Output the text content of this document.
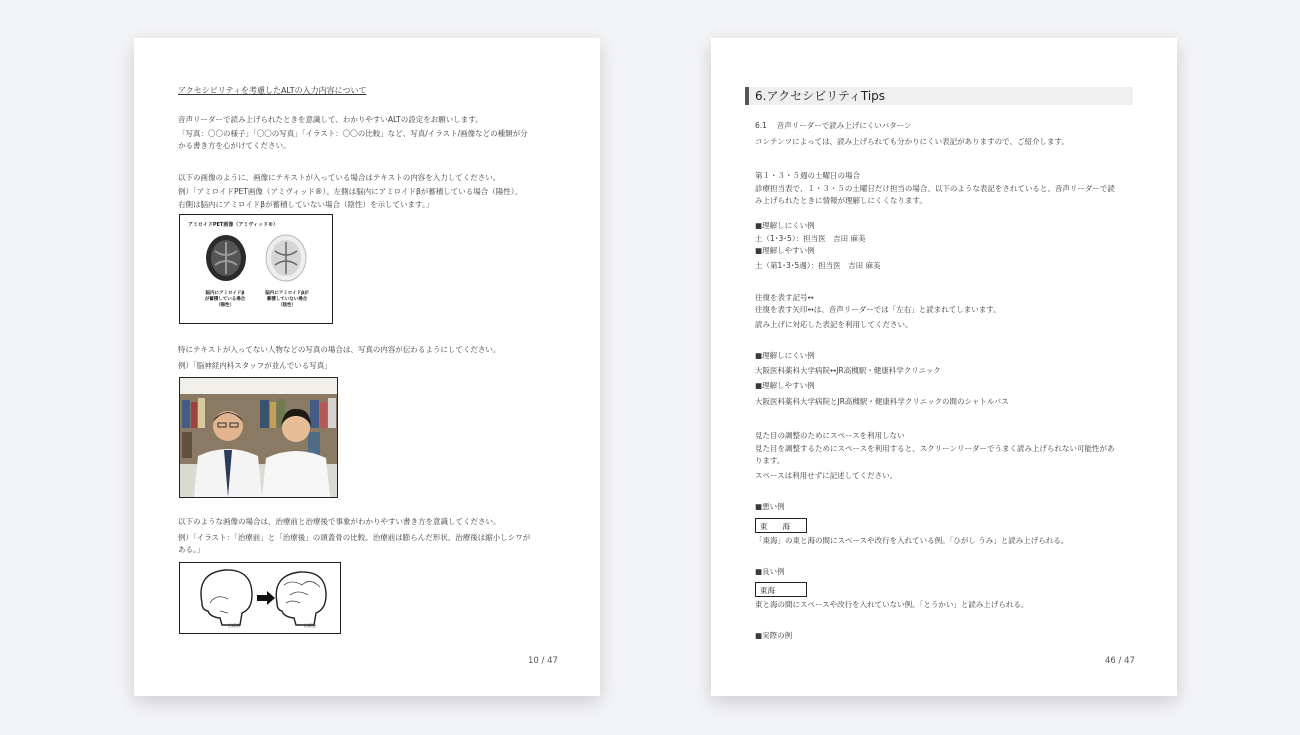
アクセシビリティを考慮したALTの入力内容について
音声リーダーで読み上げられたときを意識して、わかりやすいALTの設定をお願いします。
「写真：〇〇の様子」「〇〇の写真」「イラスト：〇〇の比較」など、写真/イラスト/画像などの種類が分
かる書き方を心がけてください。
以下の画像のように、画像にテキストが入っている場合はテキストの内容を入力してください。
例）「アミロイドPET画像（アミヴィッド®）。左側は脳内にアミロイドβが蓄積している場合（陽性）、
右側は脳内にアミロイドβが蓄積していない場合（陰性）を示しています。」
アミロイドPET画像（アミヴィッド®）
脳内にアミロイドβ
が蓄積している場合
（陽性）
脳内にアミロイドβが
蓄積していない場合
（陰性）
特にテキストが入ってない人物などの写真の場合は、写真の内容が伝わるようにしてください。
例）「脳神経内科スタッフが並んでいる写真」
以下のような画像の場合は、治療前と治療後で事象がわかりやすい書き方を意識してください。
例）「イラスト：「治療前」と「治療後」の頭蓋骨の比較。治療前は膨らんだ形状、治療後は縮小しシワが
ある。」
治療前	治療後
10 / 47
6.アクセシビリティTips
6.1　 音声リーダーで読み上げにくいパターン
コンテンツによっては、読み上げられても分かりにくい表記がありますので、ご紹介します。
第１・３・５週の土曜日の場合
診療担当表で、１・３・５の土曜日だけ担当の場合、以下のような表記をされていると、音声リーダーで読
み上げられたときに情報が理解しにくくなります。
■理解しにくい例
土（1･3･5）：担当医　吉田 麻美
■理解しやすい例
土（第1･3･5週）：担当医　吉田 麻美
往復を表す記号↔
往復を表す矢印↔は、音声リーダーでは「左右」と読まれてしまいます。
読み上げに対応した表記を利用してください。
■理解しにくい例
大阪医科薬科大学病院↔JR高槻駅・健康科学クリニック
■理解しやすい例
大阪医科薬科大学病院とJR高槻駅・健康科学クリニックの間のシャトルバス
見た目の調整のためにスペースを利用しない
見た目を調整するためにスペースを利用すると、スクリーンリーダーでうまく読み上げられない可能性があ
ります。
スペースは利用せずに記述してください。
■悪い例
東　　海
「東海」の東と海の間にスペースや改行を入れている例。「ひがし うみ」と読み上げられる。
■良い例
東海
東と海の間にスペースや改行を入れていない例。「とうかい」と読み上げられる。
■実際の例
46 / 47
